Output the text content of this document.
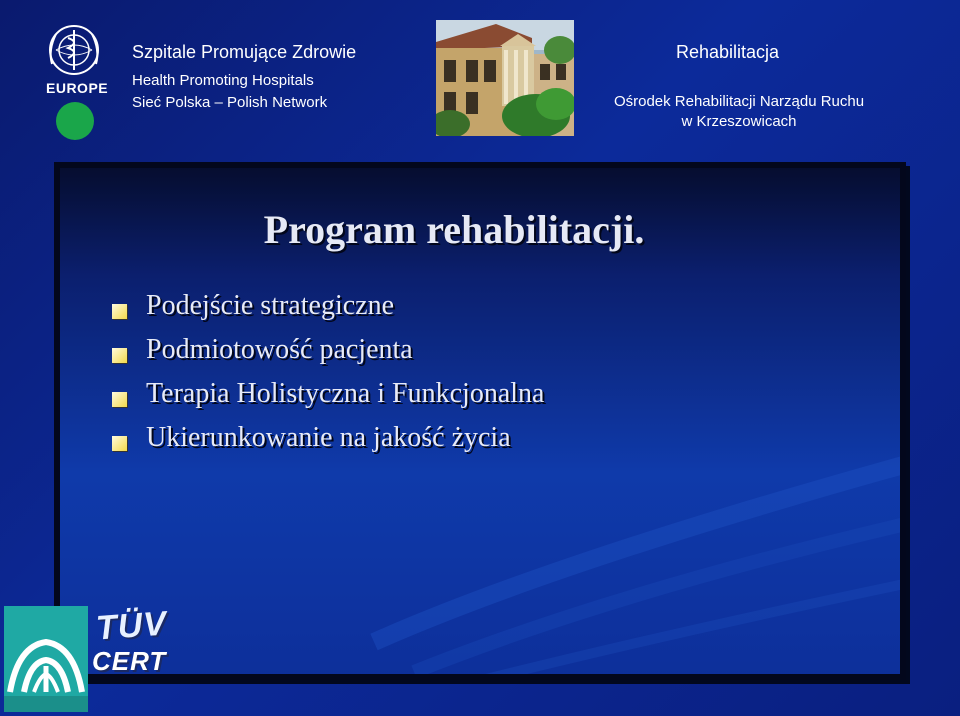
EUROPE
Szpitale Promujące Zdrowie
Health Promoting Hospitals
Sieć Polska – Polish Network
Rehabilitacja
Ośrodek Rehabilitacji Narządu Ruchu
w Krzeszowicach
Program rehabilitacji.
Podejście strategiczne
Podmiotowość pacjenta
Terapia Holistyczna i Funkcjonalna
Ukierunkowanie na jakość życia
TÜV
CERT
